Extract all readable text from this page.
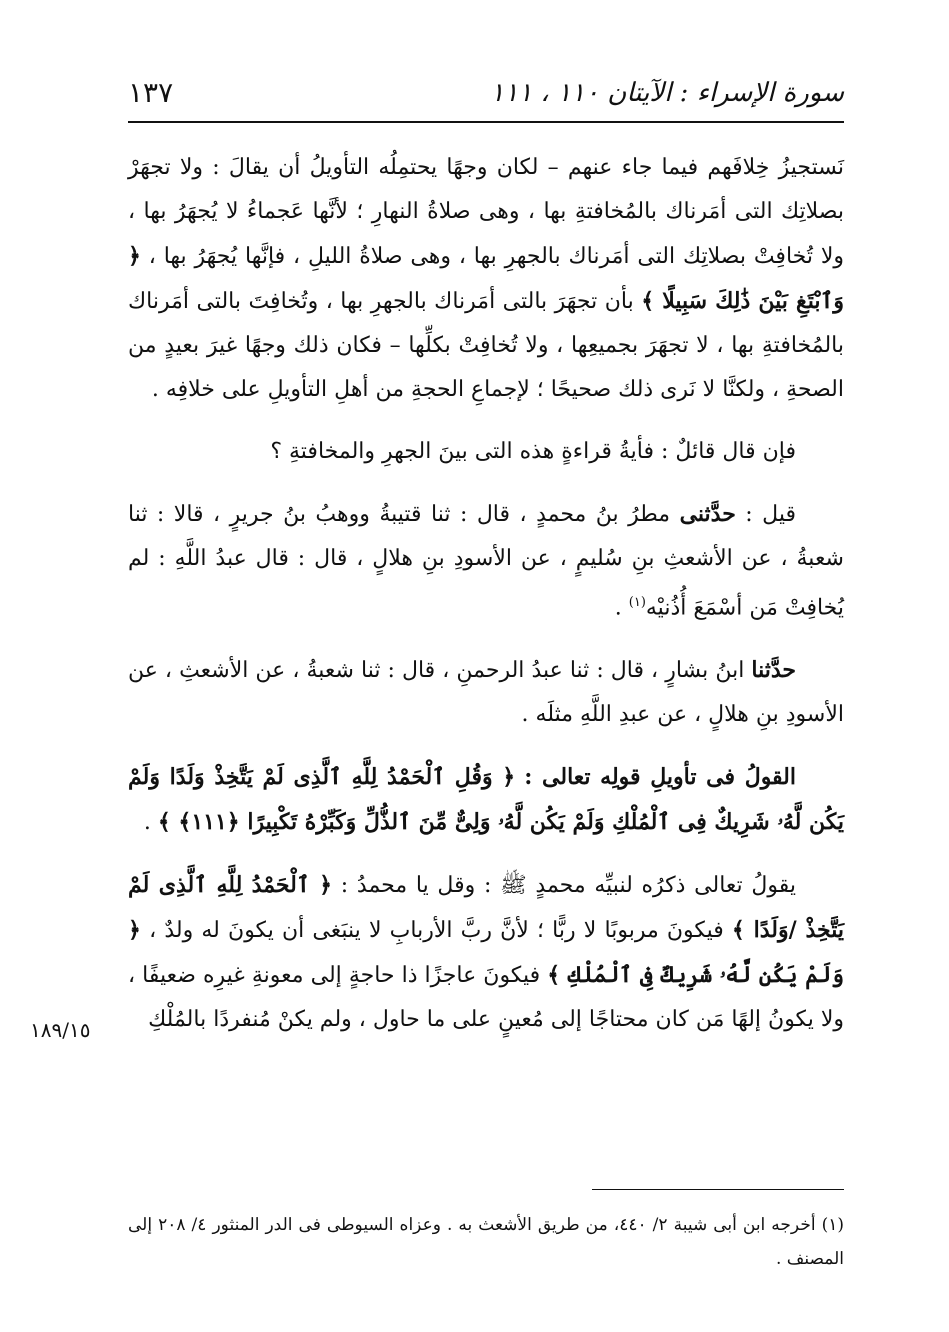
سورة الإسراء : الآيتان ١١٠ ، ١١١
١٣٧

نَستجيزُ خِلافَهم فيما جاء عنهم – لكان وجهًا يحتمِلُه التأويلُ أن يقالَ : ولا تجهَرْ بصلاتِك التى أمَرناك بالمُخافتةِ بها ، وهى صلاةُ النهارِ ؛ لأنَّها عَجماءُ لا يُجهَرُ بها ، ولا تُخافِتْ بصلاتِك التى أمَرناك بالجهرِ بها ، وهى صلاةُ الليلِ ، فإنَّها يُجهَرُ بها ، ﴿ وَٱبْتَغِ بَيْنَ ذَٰلِكَ سَبِيلًا ﴾ بأن تجهَرَ بالتى أمَرناك بالجهرِ بها ، وتُخافِتَ بالتى أمَرناك بالمُخافتةِ بها ، لا تجهَرَ بجميعِها ، ولا تُخافِتْ بكلِّها – فكان ذلك وجهًا غيرَ بعيدٍ من الصحةِ ، ولكنَّا لا نَرى ذلك صحيحًا ؛ لإجماعِ الحجةِ من أهلِ التأويلِ على خلافِه .

فإن قال قائلٌ : فأيةُ قراءةٍ هذه التى بينَ الجهرِ والمخافتةِ ؟

قيل : حدَّثنى مطرُ بنُ محمدٍ ، قال : ثنا قتيبةُ ووهبُ بنُ جريرٍ ، قالا : ثنا شعبةُ ، عن الأشعثِ بنِ سُليمٍ ، عن الأسودِ بنِ هلالٍ ، قال : قال عبدُ اللَّهِ : لم يُخافِتْ مَن أسْمَعَ أُذُنيْه$^{(١)}$ .

حدَّثنا ابنُ بشارٍ ، قال : ثنا عبدُ الرحمنِ ، قال : ثنا شعبةُ ، عن الأشعثِ ، عن الأسودِ بنِ هلالٍ ، عن عبدِ اللَّهِ مثلَه .

القولُ فى تأويلِ قولِه تعالى : ﴿ وَقُلِ ٱلْحَمْدُ لِلَّهِ ٱلَّذِى لَمْ يَتَّخِذْ وَلَدًا وَلَمْ يَكُن لَّهُۥ شَرِيكٌ فِى ٱلْمُلْكِ وَلَمْ يَكُن لَّهُۥ وَلِىٌّ مِّنَ ٱلذُّلِّ وَكَبِّرْهُ تَكْبِيرًا ﴿١١١﴾ ﴾ .

يقولُ تعالى ذكرُه لنبيِّه محمدٍ ﷺ : وقل يا محمدُ : ﴿ ٱلْحَمْدُ لِلَّهِ ٱلَّذِى لَمْ يَتَّخِذْ /وَلَدًا ﴾ فيكونَ مربوبًا لا ربًّا ؛ لأنَّ ربَّ الأربابِ لا ينبَغى أن يكونَ له ولدٌ ، ﴿ وَلَمْ يَكُن لَّهُۥ شَرِيكٌ فِى ٱلْمُلْكِ ﴾ فيكونَ عاجزًا ذا حاجةٍ إلى معونةِ غيرِه ضعيفًا ، ولا يكونُ إلهًا مَن كان محتاجًا إلى مُعينٍ على ما حاول ، ولم يكنْ مُنفردًا بالمُلْكِ

١٨٩/١٥

(١) أخرجه ابن أبى شيبة ٢/ ٤٤٠، من طريق الأشعث به . وعزاه السيوطى فى الدر المنثور ٤/ ٢٠٨ إلى المصنف .
